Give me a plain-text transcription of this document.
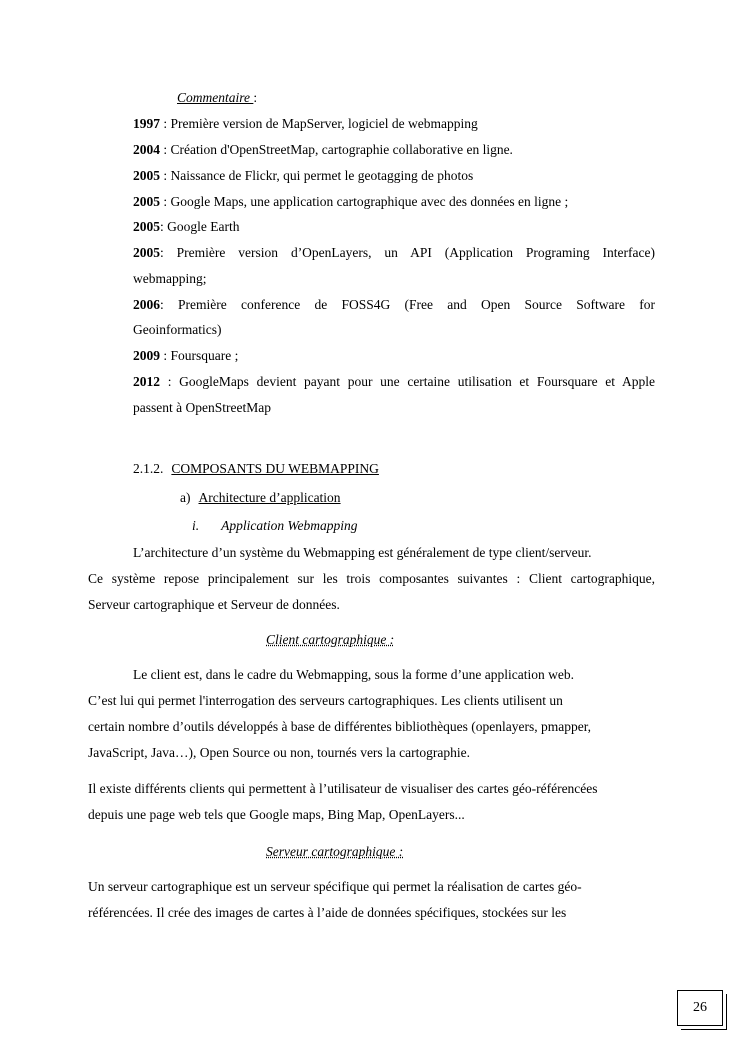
Commentaire :
1997 : Première version de MapServer, logiciel de webmapping
2004 : Création d'OpenStreetMap, cartographie collaborative en ligne.
2005 : Naissance de Flickr, qui permet le geotagging de photos
2005 : Google Maps, une application cartographique avec des données en ligne ;
2005: Google Earth
2005: Première version d’OpenLayers, un API (Application Programing Interface)
webmapping;
2006: Première conference de FOSS4G (Free and Open Source Software for
Geoinformatics)
2009 : Foursquare ;
2012 : GoogleMaps devient payant pour une certaine utilisation et Foursquare et Apple
passent à OpenStreetMap
2.1.2. COMPOSANTS DU WEBMAPPING
a) Architecture d’application
i. Application Webmapping
L’architecture d’un système du Webmapping est généralement de type client/serveur.
Ce système repose principalement sur les trois composantes suivantes : Client cartographique,
Serveur cartographique et Serveur de données.
Client cartographique :
Le client est, dans le cadre du Webmapping, sous la forme d’une application web.
C’est lui qui permet l'interrogation des serveurs cartographiques. Les clients utilisent un
certain nombre d’outils développés à base de différentes bibliothèques (openlayers, pmapper,
JavaScript, Java…), Open Source ou non, tournés vers la cartographie.
Il existe différents clients qui permettent à l’utilisateur de visualiser des cartes géo-référencées
depuis une page web tels que Google maps, Bing Map, OpenLayers...
Serveur cartographique :
Un serveur cartographique est un serveur spécifique qui permet la réalisation de cartes géo-
référencées. Il crée des images de cartes à l’aide de données spécifiques, stockées sur les
26
